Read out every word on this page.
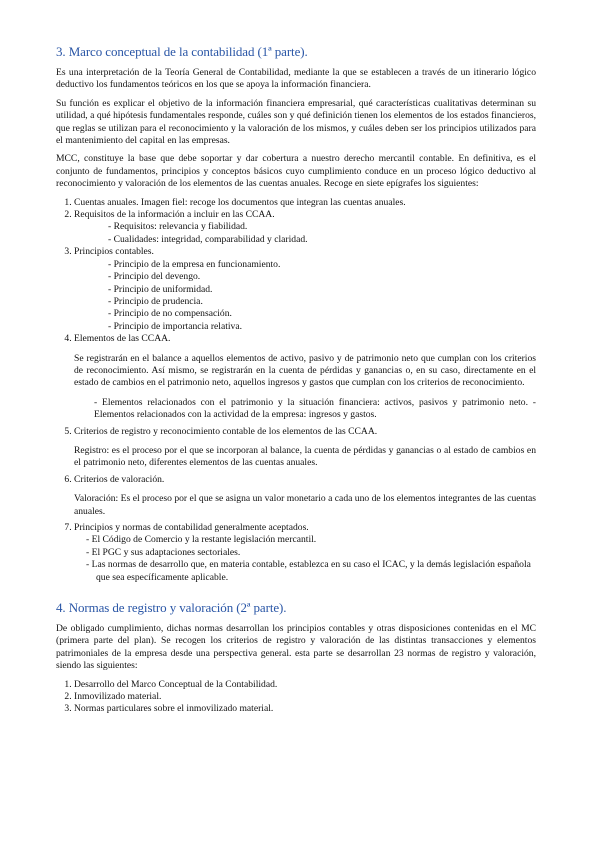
3. Marco conceptual de la contabilidad (1ª parte).

Es una interpretación de la Teoría General de Contabilidad, mediante la que se establecen a través de un itinerario lógico deductivo los fundamentos teóricos en los que se apoya la información financiera.

Su función es explicar el objetivo de la información financiera empresarial, qué características cualitativas determinan su utilidad, a qué hipótesis fundamentales responde, cuáles son y qué definición tienen los elementos de los estados financieros, que reglas se utilizan para el reconocimiento y la valoración de los mismos, y cuáles deben ser los principios utilizados para el mantenimiento del capital en las empresas.

MCC, constituye la base que debe soportar y dar cobertura a nuestro derecho mercantil contable. En definitiva, es el conjunto de fundamentos, principios y conceptos básicos cuyo cumplimiento conduce en un proceso lógico deductivo al reconocimiento y valoración de los elementos de las cuentas anuales. Recoge en siete epígrafes los siguientes:

1. Cuentas anuales. Imagen fiel: recoge los documentos que integran las cuentas anuales.
2. Requisitos de la información a incluir en las CCAA.
- Requisitos: relevancia y fiabilidad.
- Cualidades: integridad, comparabilidad y claridad.
3. Principios contables.
- Principio de la empresa en funcionamiento.
- Principio del devengo.
- Principio de uniformidad.
- Principio de prudencia.
- Principio de no compensación.
- Principio de importancia relativa.
4. Elementos de las CCAA.
Se registrarán en el balance a aquellos elementos de activo, pasivo y de patrimonio neto que cumplan con los criterios de reconocimiento. Así mismo, se registrarán en la cuenta de pérdidas y ganancias o, en su caso, directamente en el estado de cambios en el patrimonio neto, aquellos ingresos y gastos que cumplan con los criterios de reconocimiento.
- Elementos relacionados con el patrimonio y la situación financiera: activos, pasivos y patrimonio neto. - Elementos relacionados con la actividad de la empresa: ingresos y gastos.
5. Criterios de registro y reconocimiento contable de los elementos de las CCAA.
Registro: es el proceso por el que se incorporan al balance, la cuenta de pérdidas y ganancias o al estado de cambios en el patrimonio neto, diferentes elementos de las cuentas anuales.
6. Criterios de valoración.
Valoración: Es el proceso por el que se asigna un valor monetario a cada uno de los elementos integrantes de las cuentas anuales.
7. Principios y normas de contabilidad generalmente aceptados.
- El Código de Comercio y la restante legislación mercantil.
- El PGC y sus adaptaciones sectoriales.
- Las normas de desarrollo que, en materia contable, establezca en su caso el ICAC, y la demás legislación española que sea específicamente aplicable.
4. Normas de registro y valoración (2ª parte).

De obligado cumplimiento, dichas normas desarrollan los principios contables y otras disposiciones contenidas en el MC (primera parte del plan). Se recogen los criterios de registro y valoración de las distintas transacciones y elementos patrimoniales de la empresa desde una perspectiva general. esta parte se desarrollan 23 normas de registro y valoración, siendo las siguientes:

1. Desarrollo del Marco Conceptual de la Contabilidad.
2. Inmovilizado material.
3. Normas particulares sobre el inmovilizado material.
